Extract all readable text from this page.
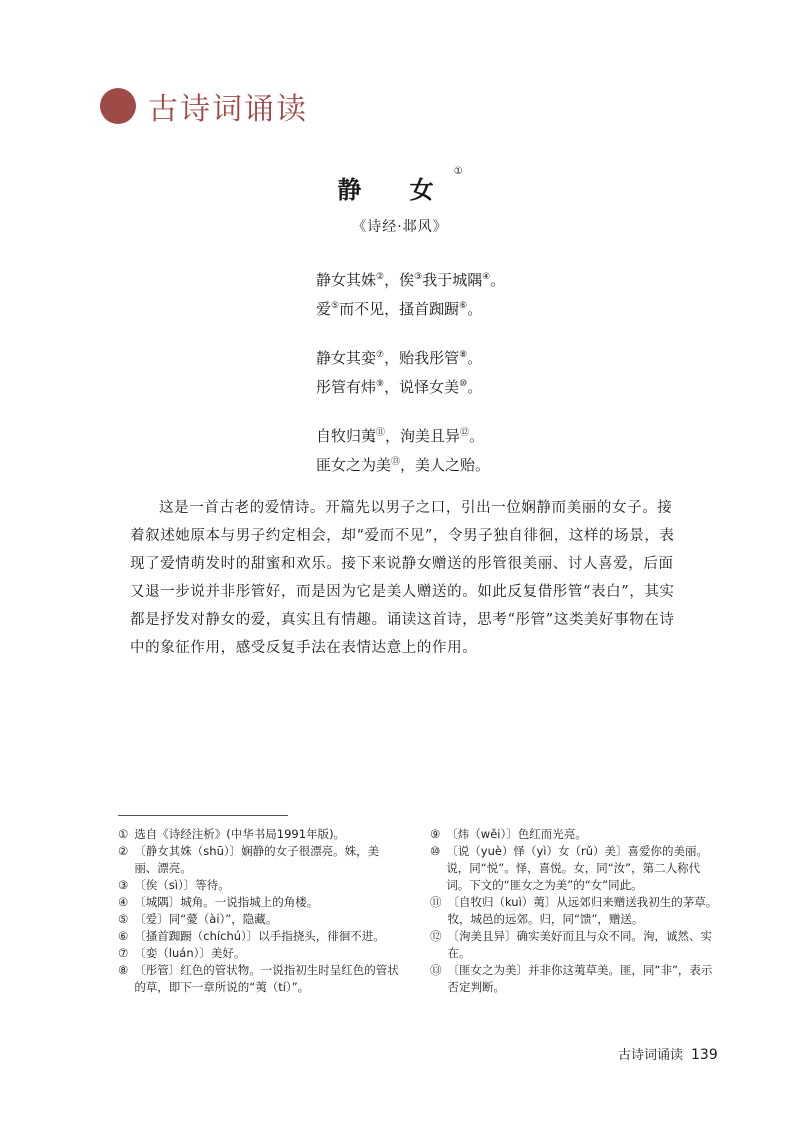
古诗词诵读
静 女①
《诗经·邶风》
静女其姝②，俟③我于城隅④。
爱⑤而不见，搔首踟蹰⑥。
静女其娈⑦，贻我彤管⑧。
彤管有炜⑨，说怿女美⑩。
自牧归荑⑪，洵美且异⑫。
匪女之为美⑬，美人之贻。

这是一首古老的爱情诗。开篇先以男子之口，引出一位娴静而美丽的女子。接着叙述她原本与男子约定相会，却“爱而不见”，令男子独自徘徊，这样的场景，表现了爱情萌发时的甜蜜和欢乐。接下来说静女赠送的彤管很美丽、讨人喜爱，后面又退一步说并非彤管好，而是因为它是美人赠送的。如此反复借彤管“表白”，其实都是抒发对静女的爱，真实且有情趣。诵读这首诗，思考“彤管”这类美好事物在诗中的象征作用，感受反复手法在表情达意上的作用。

① 选自《诗经注析》(中华书局1991年版)。
② 〔静女其姝（shū）〕娴静的女子很漂亮。姝，美丽、漂亮。
③ 〔俟（sì）〕等待。
④ 〔城隅〕城角。一说指城上的角楼。
⑤ 〔爱〕同“薆（ài）”，隐藏。
⑥ 〔搔首踟蹰（chíchú）〕以手指挠头，徘徊不进。
⑦ 〔娈（luán）〕美好。
⑧ 〔彤管〕红色的管状物。一说指初生时呈红色的管状的草，即下一章所说的“荑（tí）”。
⑨ 〔炜（wěi）〕色红而光亮。
⑩ 〔说（yuè）怿（yì）女（rǔ）美〕喜爱你的美丽。说，同“悦”。怿，喜悦。女，同“汝”，第二人称代词。下文的“匪女之为美”的“女”同此。
⑪ 〔自牧归（kuì）荑〕从远郊归来赠送我初生的茅草。牧，城邑的远郊。归，同“馈”，赠送。
⑫ 〔洵美且异〕确实美好而且与众不同。洵，诚然、实在。
⑬ 〔匪女之为美〕并非你这荑草美。匪，同“非”，表示否定判断。
古诗词诵读 139
